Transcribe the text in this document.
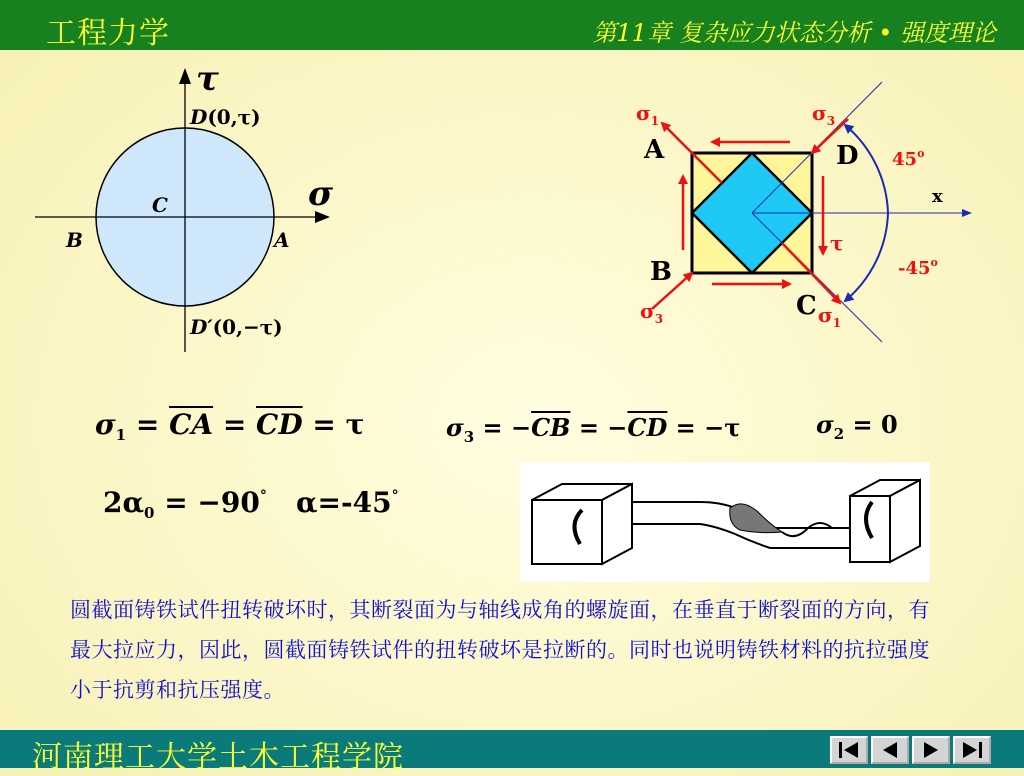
工程力学	第11章 复杂应力状态分析 • 强度理论
τ
σ
D(0,τ)
D′(0,−τ)
C
B	A
x
45$^o$
-45$^o$
τ
$\sigma_1$	$\sigma_3$
$\sigma_3$	$\sigma_1$
A	D
B
C
$\sigma_1 = \overline{CA} = \overline{CD} = \tau$	$\sigma_3 = -\overline{CB} = -\overline{CD} = -\tau$	$\sigma_2 = 0$
$2\alpha_0 = -90^\circ$ α=-45°
圆截面铸铁试件扭转破坏时，其断裂面为与轴线成角的螺旋面，在垂直于断裂面的方向，有最大拉应力，因此，圆截面铸铁试件的扭转破坏是拉断的。同时也说明铸铁材料的抗拉强度小于抗剪和抗压强度。
河南理工大学土木工程学院
